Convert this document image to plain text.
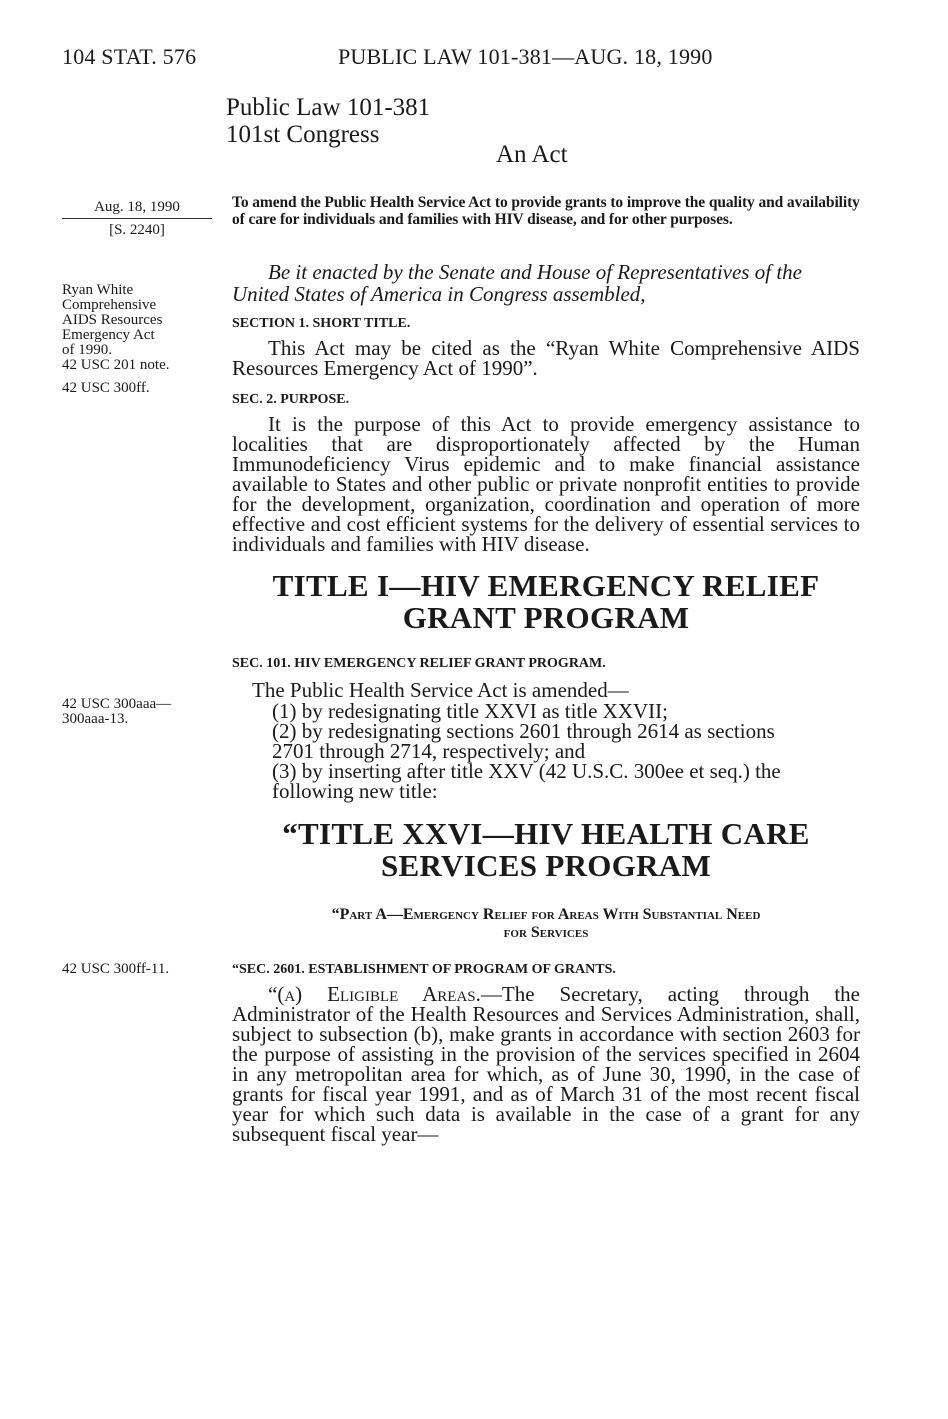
104 STAT. 576	PUBLIC LAW 101-381—AUG. 18, 1990
Public Law 101-381
101st Congress
An Act
Aug. 18, 1990
[S. 2240]
Ryan White
Comprehensive
AIDS Resources
Emergency Act
of 1990.
42 USC 201 note.
42 USC 300ff.
42 USC 300aaa—
300aaa-13.
42 USC 300ff-11.
To amend the Public Health Service Act to provide grants to improve the quality and availability of care for individuals and families with HIV disease, and for other purposes.
Be it enacted by the Senate and House of Representatives of the United States of America in Congress assembled,
SECTION 1. SHORT TITLE.
This Act may be cited as the “Ryan White Comprehensive AIDS Resources Emergency Act of 1990”.
SEC. 2. PURPOSE.
It is the purpose of this Act to provide emergency assistance to localities that are disproportionately affected by the Human Immunodeficiency Virus epidemic and to make financial assistance available to States and other public or private nonprofit entities to provide for the development, organization, coordination and operation of more effective and cost efficient systems for the delivery of essential services to individuals and families with HIV disease.
TITLE I—HIV EMERGENCY RELIEF
GRANT PROGRAM
SEC. 101. HIV EMERGENCY RELIEF GRANT PROGRAM.
The Public Health Service Act is amended—
(1) by redesignating title XXVI as title XXVII;
(2) by redesignating sections 2601 through 2614 as sections
2701 through 2714, respectively; and
(3) by inserting after title XXV (42 U.S.C. 300ee et seq.) the
following new title:
“TITLE XXVI—HIV HEALTH CARE
SERVICES PROGRAM
“Part A—Emergency Relief for Areas With Substantial Need
for Services
“SEC. 2601. ESTABLISHMENT OF PROGRAM OF GRANTS.
“(a) Eligible Areas.—The Secretary, acting through the Administrator of the Health Resources and Services Administration, shall, subject to subsection (b), make grants in accordance with section 2603 for the purpose of assisting in the provision of the services specified in 2604 in any metropolitan area for which, as of June 30, 1990, in the case of grants for fiscal year 1991, and as of March 31 of the most recent fiscal year for which such data is available in the case of a grant for any subsequent fiscal year—
